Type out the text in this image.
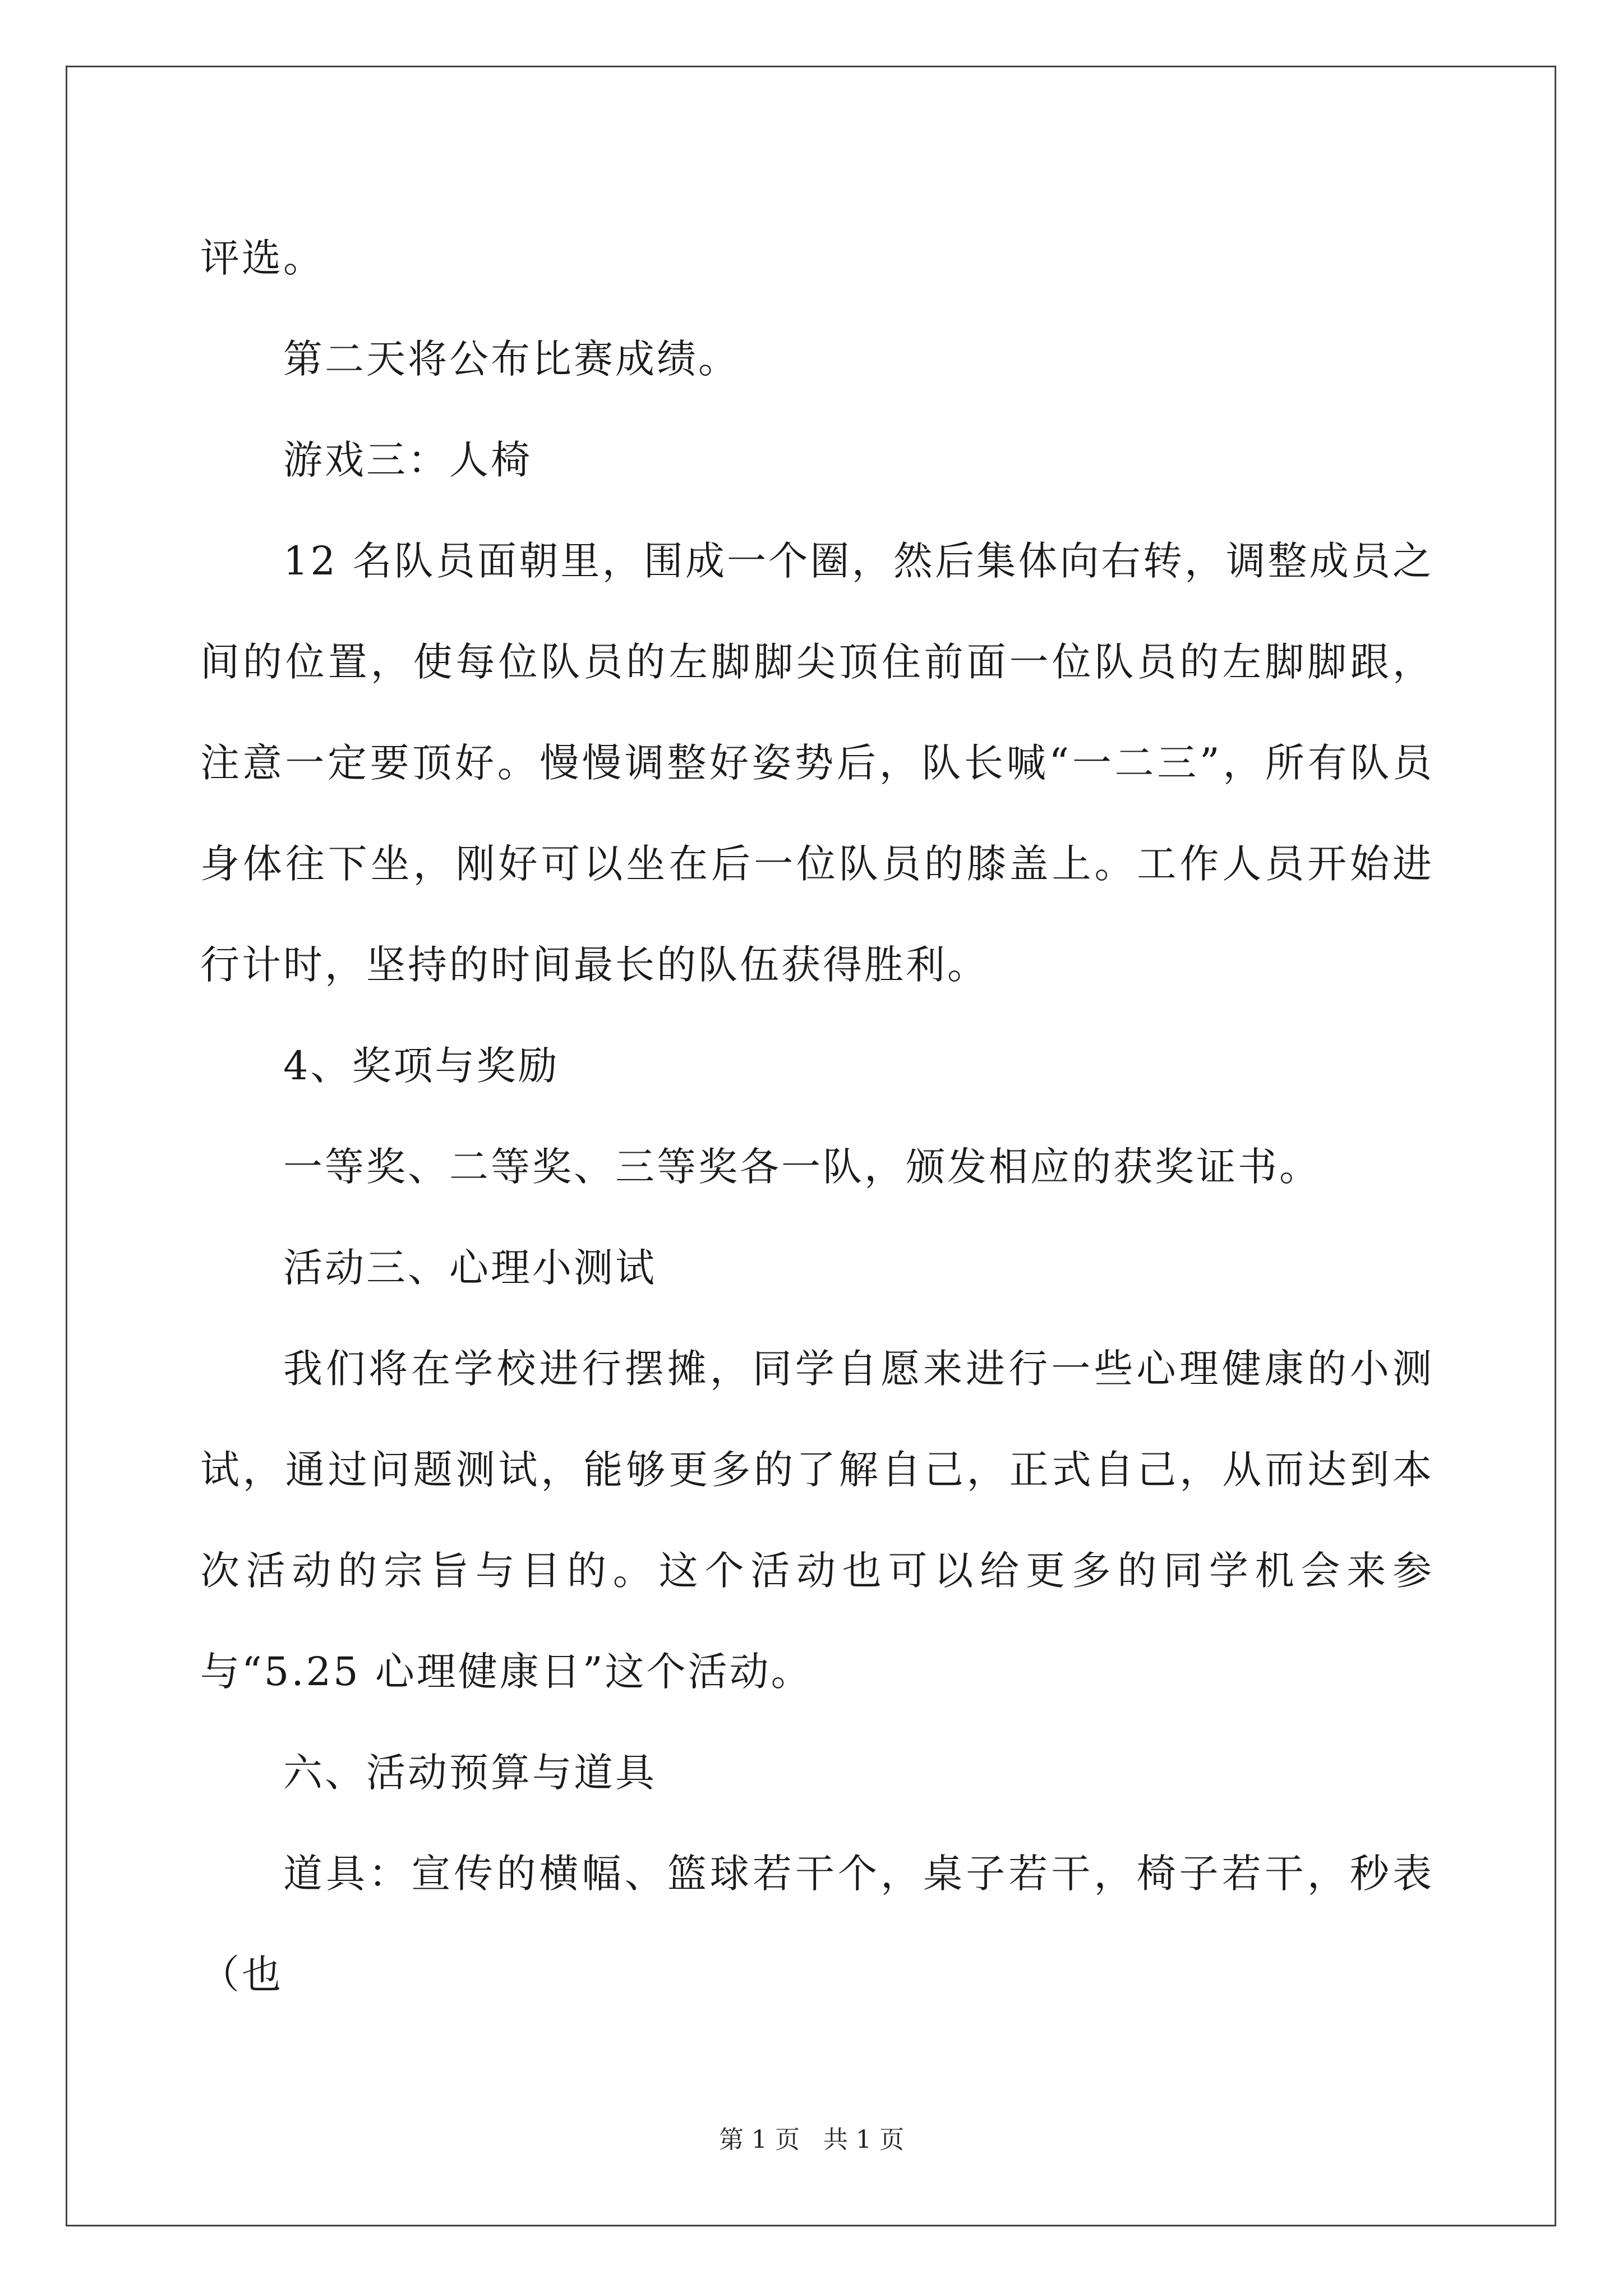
评选。

第二天将公布比赛成绩。

游戏三：人椅

12 名队员面朝里，围成一个圈，然后集体向右转，调整成员之间的位置，使每位队员的左脚脚尖顶住前面一位队员的左脚脚跟，注意一定要顶好。慢慢调整好姿势后，队长喊“一二三”，所有队员身体往下坐，刚好可以坐在后一位队员的膝盖上。工作人员开始进行计时，坚持的时间最长的队伍获得胜利。

4、奖项与奖励

一等奖、二等奖、三等奖各一队，颁发相应的获奖证书。

活动三、心理小测试

我们将在学校进行摆摊，同学自愿来进行一些心理健康的小测试，通过问题测试，能够更多的了解自己，正式自己，从而达到本次活动的宗旨与目的。这个活动也可以给更多的同学机会来参与“5.25 心理健康日”这个活动。

六、活动预算与道具

道具：宣传的横幅、篮球若干个，桌子若干，椅子若干，秒表（也

第 1 页 共 1 页
